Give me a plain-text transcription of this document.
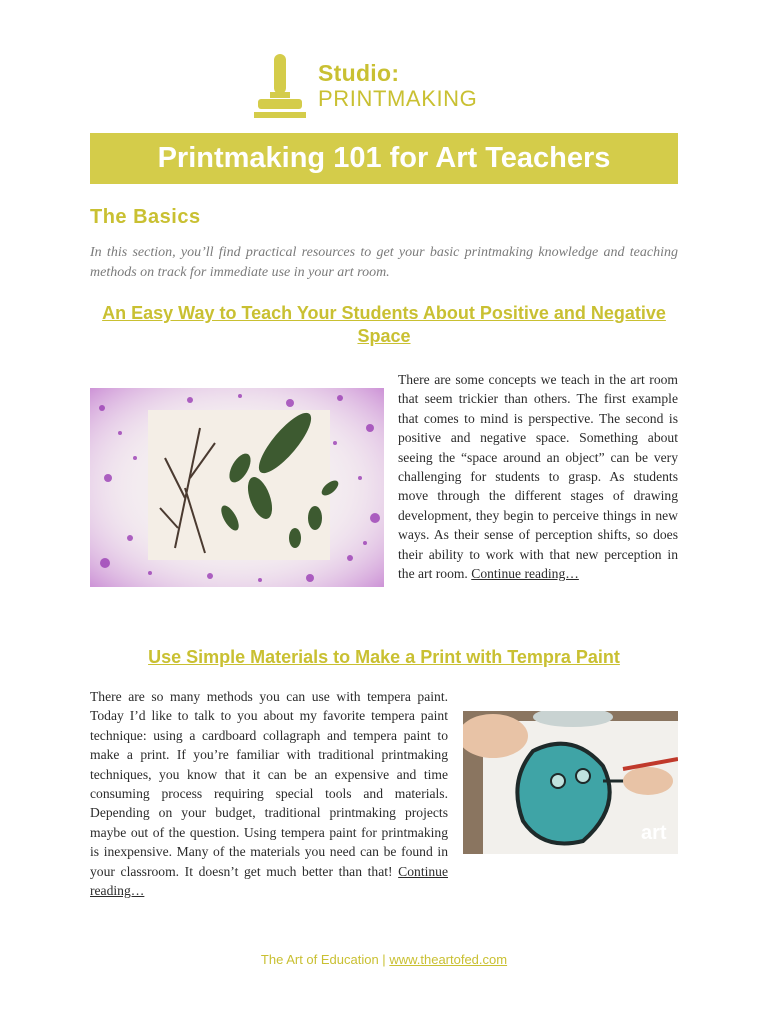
Studio:
PRINTMAKING
Printmaking 101 for Art Teachers
The Basics

In this section, you’ll find practical resources to get your basic printmaking knowledge and teaching methods on track for immediate use in your art room.

An Easy Way to Teach Your Students About Positive and Negative Space

There are some concepts we teach in the art room that seem trickier than others. The first example that comes to mind is perspective. The second is positive and negative space. Something about seeing the “space around an object” can be very challenging for students to grasp. As students move through the different stages of drawing development, they begin to perceive things in new ways. As their sense of perception shifts, so does their ability to work with that new perception in the art room. Continue reading…

Use Simple Materials to Make a Print with Tempra Paint

There are so many methods you can use with tempera paint. Today I’d like to talk to you about my favorite tempera paint technique: using a cardboard collagraph and tempera paint to make a print. If you’re familiar with traditional printmaking techniques, you know that it can be an expensive and time consuming process requiring special tools and materials. Depending on your budget, traditional printmaking projects maybe out of the question. Using tempera paint for printmaking is inexpensive. Many of the materials you need can be found in your classroom. It doesn’t get much better than that! Continue reading…

art
The Art of Education | www.theartofed.com
